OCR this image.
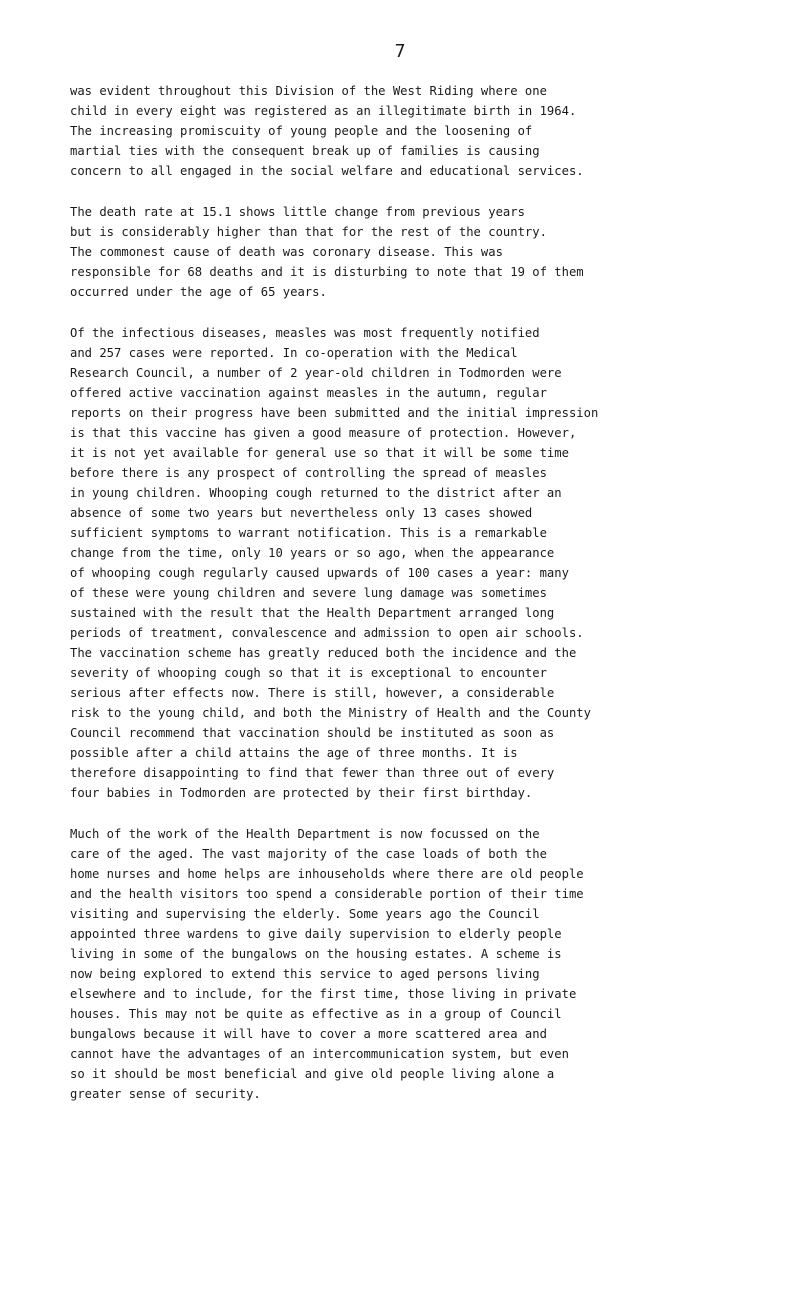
7
was evident throughout this Division of the West Riding where one
child in every eight was registered as an illegitimate birth in 1964.
The increasing promiscuity of young people and the loosening of
martial ties with the consequent break up of families is causing
concern to all engaged in the social welfare and educational services.
The death rate at 15.1 shows little change from previous years
but is considerably higher than that for the rest of the country.
The commonest cause of death was coronary disease. This was
responsible for 68 deaths and it is disturbing to note that 19 of them
occurred under the age of 65 years.
Of the infectious diseases, measles was most frequently notified
and 257 cases were reported. In co-operation with the Medical
Research Council, a number of 2 year-old children in Todmorden were
offered active vaccination against measles in the autumn, regular
reports on their progress have been submitted and the initial impression
is that this vaccine has given a good measure of protection. However,
it is not yet available for general use so that it will be some time
before there is any prospect of controlling the spread of measles
in young children. Whooping cough returned to the district after an
absence of some two years but nevertheless only 13 cases showed
sufficient symptoms to warrant notification. This is a remarkable
change from the time, only 10 years or so ago, when the appearance
of whooping cough regularly caused upwards of 100 cases a year: many
of these were young children and severe lung damage was sometimes
sustained with the result that the Health Department arranged long
periods of treatment, convalescence and admission to open air schools.
The vaccination scheme has greatly reduced both the incidence and the
severity of whooping cough so that it is exceptional to encounter
serious after effects now. There is still, however, a considerable
risk to the young child, and both the Ministry of Health and the County
Council recommend that vaccination should be instituted as soon as
possible after a child attains the age of three months. It is
therefore disappointing to find that fewer than three out of every
four babies in Todmorden are protected by their first birthday.
Much of the work of the Health Department is now focussed on the
care of the aged. The vast majority of the case loads of both the
home nurses and home helps are inhouseholds where there are old people
and the health visitors too spend a considerable portion of their time
visiting and supervising the elderly. Some years ago the Council
appointed three wardens to give daily supervision to elderly people
living in some of the bungalows on the housing estates. A scheme is
now being explored to extend this service to aged persons living
elsewhere and to include, for the first time, those living in private
houses. This may not be quite as effective as in a group of Council
bungalows because it will have to cover a more scattered area and
cannot have the advantages of an intercommunication system, but even
so it should be most beneficial and give old people living alone a
greater sense of security.
